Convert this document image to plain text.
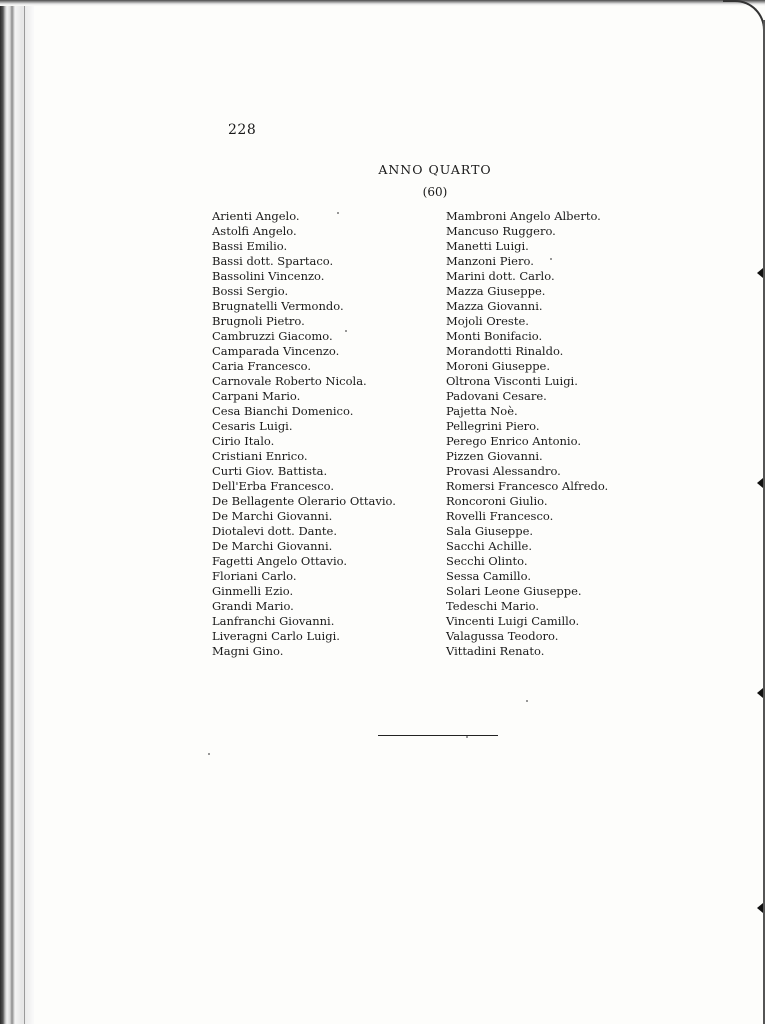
228
ANNO QUARTO
(60)
Arienti Angelo.
Astolfi Angelo.
Bassi Emilio.
Bassi dott. Spartaco.
Bassolini Vincenzo.
Bossi Sergio.
Brugnatelli Vermondo.
Brugnoli Pietro.
Cambruzzi Giacomo.
Camparada Vincenzo.
Caria Francesco.
Carnovale Roberto Nicola.
Carpani Mario.
Cesa Bianchi Domenico.
Cesaris Luigi.
Cirio Italo.
Cristiani Enrico.
Curti Giov. Battista.
Dell'Erba Francesco.
De Bellagente Olerario Ottavio.
De Marchi Giovanni.
Diotalevi dott. Dante.
De Marchi Giovanni.
Fagetti Angelo Ottavio.
Floriani Carlo.
Ginmelli Ezio.
Grandi Mario.
Lanfranchi Giovanni.
Liveragni Carlo Luigi.
Magni Gino.
Mambroni Angelo Alberto.
Mancuso Ruggero.
Manetti Luigi.
Manzoni Piero.
Marini dott. Carlo.
Mazza Giuseppe.
Mazza Giovanni.
Mojoli Oreste.
Monti Bonifacio.
Morandotti Rinaldo.
Moroni Giuseppe.
Oltrona Visconti Luigi.
Padovani Cesare.
Pajetta Noè.
Pellegrini Piero.
Perego Enrico Antonio.
Pizzen Giovanni.
Provasi Alessandro.
Romersi Francesco Alfredo.
Roncoroni Giulio.
Rovelli Francesco.
Sala Giuseppe.
Sacchi Achille.
Secchi Olinto.
Sessa Camillo.
Solari Leone Giuseppe.
Tedeschi Mario.
Vincenti Luigi Camillo.
Valagussa Teodoro.
Vittadini Renato.
